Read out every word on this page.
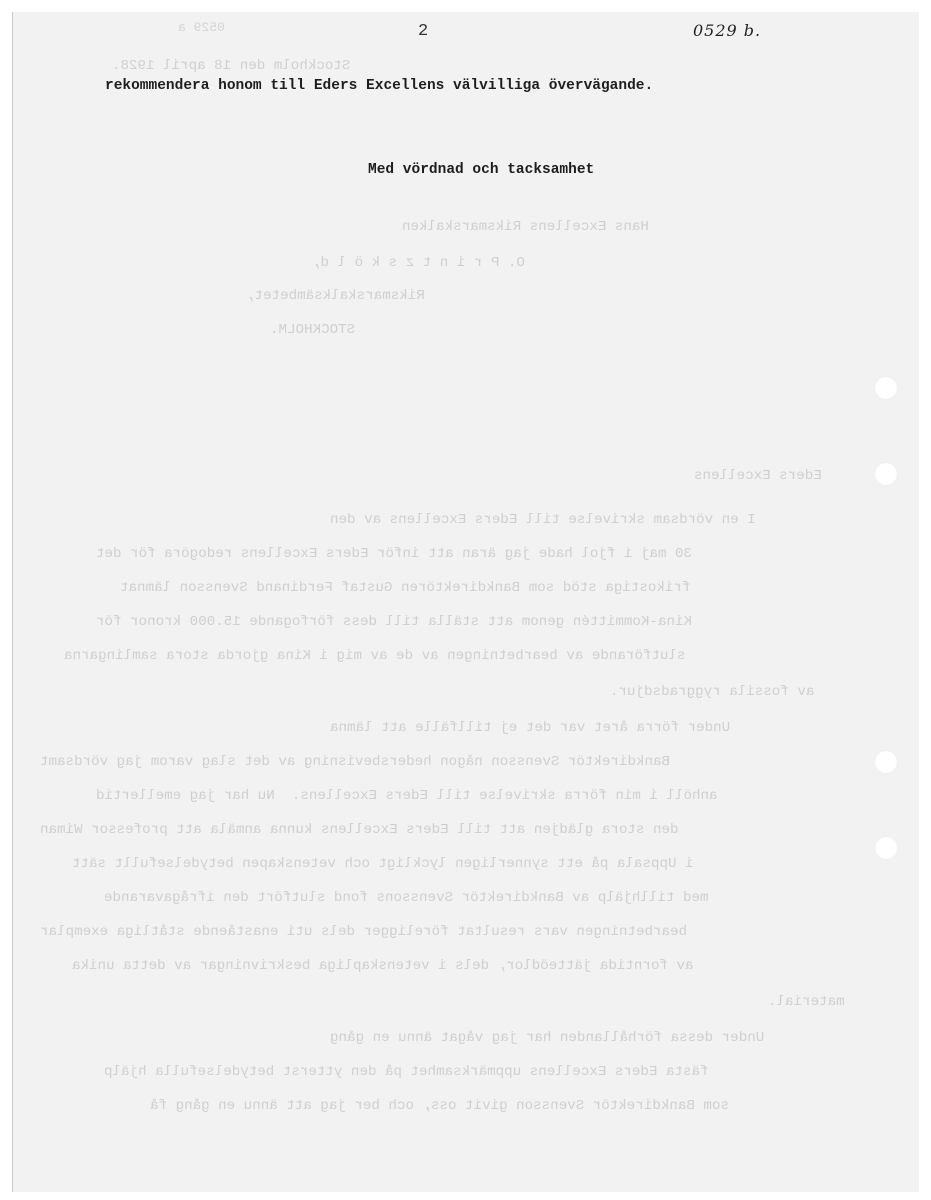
0529 a	2	0529 b.
Stockholm den 18 april 1928.
rekommendera honom till Eders Excellens välvilliga övervägande.
Med vördnad och tacksamhet
Hans Excellens Riksmarskalken
O. P r i n t z s k ö l d,
Riksmarskalksämbetet,
STOCKHOLM.
Eders Excellens
I en vördsam skrivelse till Eders Excellens av den
30 maj i fjol hade jag äran att inför Eders Excellens redogöra för det
frikostiga stöd som Bankdirektören Gustaf Ferdinand Svensson lämnat
Kina-Kommittén genom att ställa till dess förfogande 15.000 kronor för
slutförande av bearbetningen av de av mig i Kina gjorda stora samlingarna
av fossila ryggradsdjur.
Under förra året var det ej tillfälle att lämna
Bankdirektör Svensson någon hedersbevisning av det slag varom jag vördsamt
anhöll i min förra skrivelse till Eders Excellens.  Nu har jag emellertid
den stora glädjen att till Eders Excellens kunna anmäla att professor Wiman
i Uppsala på ett synnerligen lyckligt och vetenskapen betydelsefullt sätt
med tillhjälp av Bankdirektör Svenssons fond slutfört den ifrågavarande
bearbetningen vars resultat föreligger dels uti enastående ståtliga exemplar
av forntida jätteödlor, dels i vetenskapliga beskrivningar av detta unika
material.
Under dessa förhållanden har jag vågat ännu en gång
fästa Eders Excellens uppmärksamhet på den ytterst betydelsefulla hjälp
som Bankdirektör Svensson givit oss, och ber jag att ännu en gång få
